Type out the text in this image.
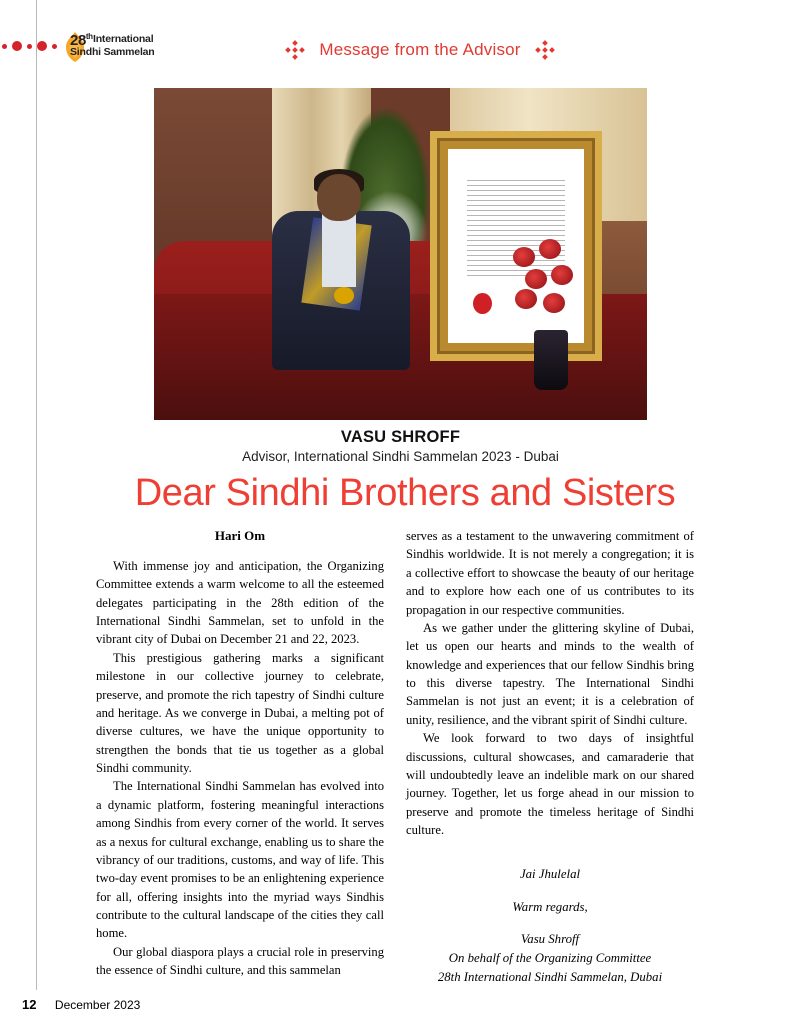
28th International
Sindhi Sammelan	Message from the Advisor
VASU SHROFF
Advisor, International Sindhi Sammelan 2023 - Dubai
Dear Sindhi Brothers and Sisters
Hari Om

With immense joy and anticipation, the Organizing Committee extends a warm welcome to all the esteemed delegates participating in the 28th edition of the International Sindhi Sammelan, set to unfold in the vibrant city of Dubai on December 21 and 22, 2023.

This prestigious gathering marks a significant milestone in our collective journey to celebrate, preserve, and promote the rich tapestry of Sindhi culture and heritage. As we converge in Dubai, a melting pot of diverse cultures, we have the unique opportunity to strengthen the bonds that tie us together as a global Sindhi community.

The International Sindhi Sammelan has evolved into a dynamic platform, fostering meaningful interactions among Sindhis from every corner of the world. It serves as a nexus for cultural exchange, enabling us to share the vibrancy of our traditions, customs, and way of life. This two-day event promises to be an enlightening experience for all, offering insights into the myriad ways Sindhis contribute to the cultural landscape of the cities they call home.

Our global diaspora plays a crucial role in preserving the essence of Sindhi culture, and this sammelan

serves as a testament to the unwavering commitment of Sindhis worldwide. It is not merely a congregation; it is a collective effort to showcase the beauty of our heritage and to explore how each one of us contributes to its propagation in our respective communities.

As we gather under the glittering skyline of Dubai, let us open our hearts and minds to the wealth of knowledge and experiences that our fellow Sindhis bring to this diverse tapestry. The International Sindhi Sammelan is not just an event; it is a celebration of unity, resilience, and the vibrant spirit of Sindhi culture.

We look forward to two days of insightful discussions, cultural showcases, and camaraderie that will undoubtedly leave an indelible mark on our shared journey. Together, let us forge ahead in our mission to preserve and promote the timeless heritage of Sindhi culture.

Jai Jhulelal
Warm regards,
Vasu Shroff
On behalf of the Organizing Committee
28th International Sindhi Sammelan, Dubai
12 December 2023
